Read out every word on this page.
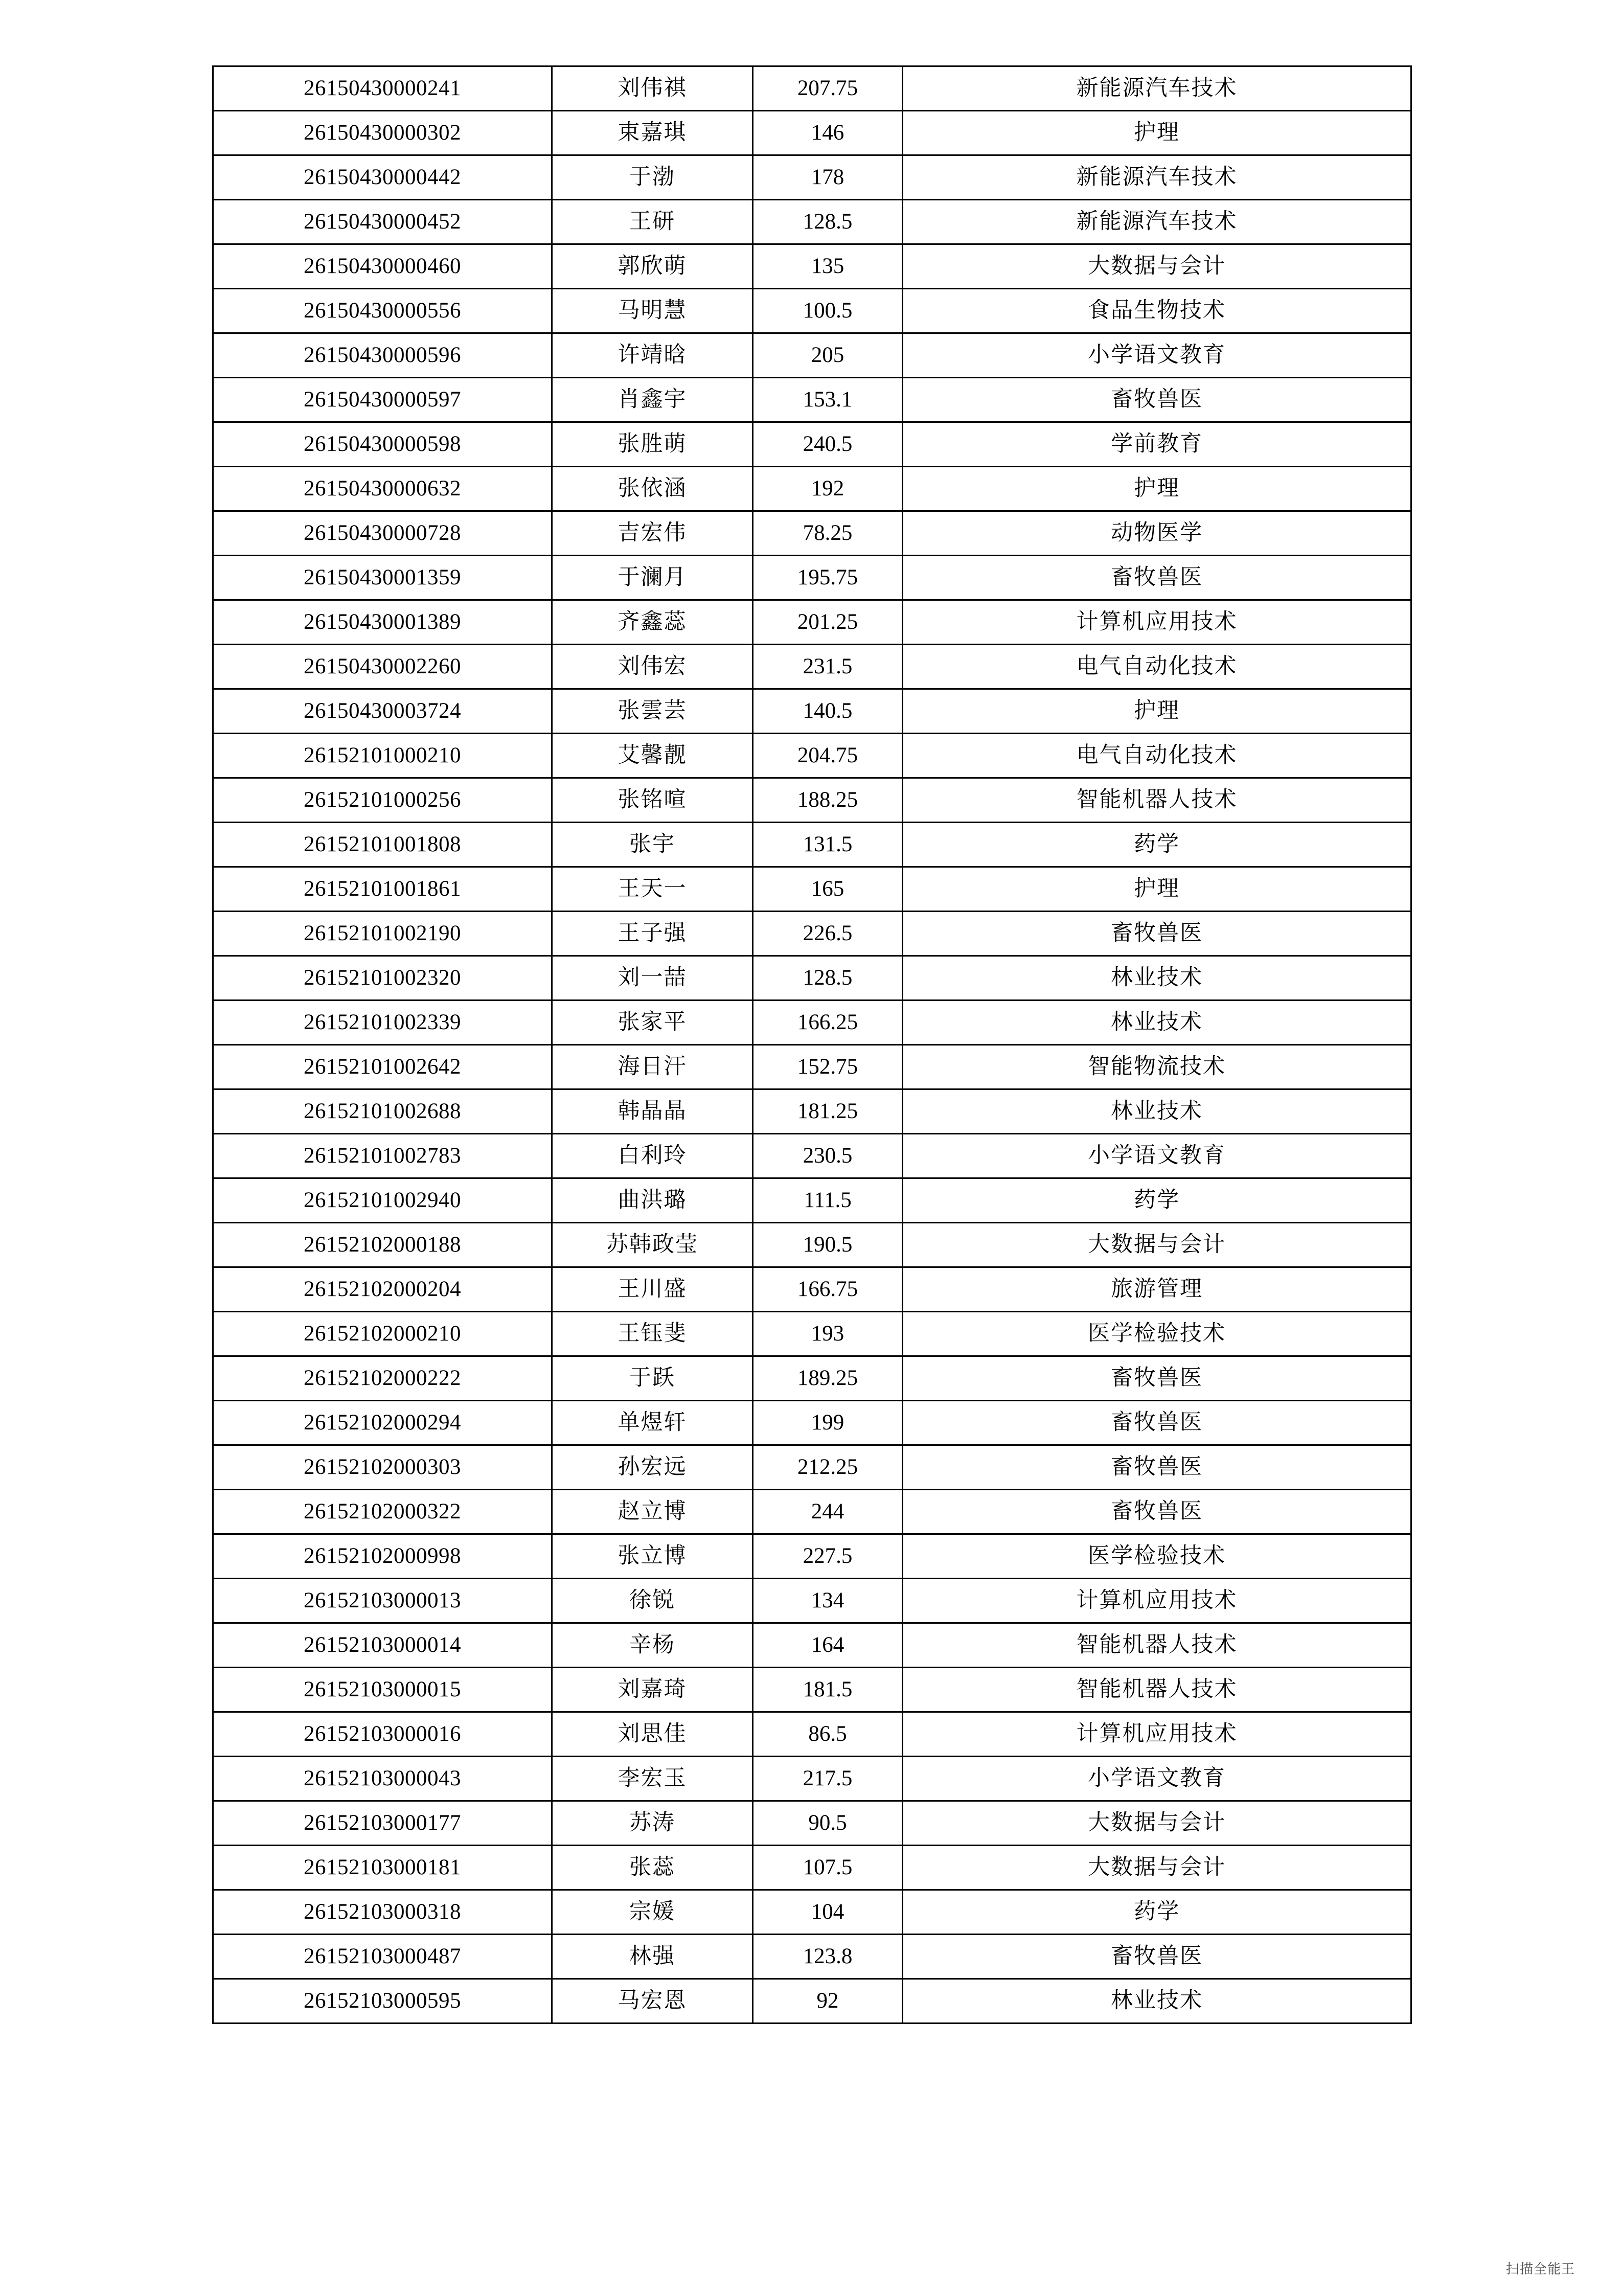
26150430000241	刘伟祺	207.75	新能源汽车技术
26150430000302	束嘉琪	146	护理
26150430000442	于渤	178	新能源汽车技术
26150430000452	王研	128.5	新能源汽车技术
26150430000460	郭欣萌	135	大数据与会计
26150430000556	马明慧	100.5	食品生物技术
26150430000596	许靖晗	205	小学语文教育
26150430000597	肖鑫宇	153.1	畜牧兽医
26150430000598	张胜萌	240.5	学前教育
26150430000632	张依涵	192	护理
26150430000728	吉宏伟	78.25	动物医学
26150430001359	于澜月	195.75	畜牧兽医
26150430001389	齐鑫蕊	201.25	计算机应用技术
26150430002260	刘伟宏	231.5	电气自动化技术
26150430003724	张雲芸	140.5	护理
26152101000210	艾馨靓	204.75	电气自动化技术
26152101000256	张铭喧	188.25	智能机器人技术
26152101001808	张宇	131.5	药学
26152101001861	王天一	165	护理
26152101002190	王子强	226.5	畜牧兽医
26152101002320	刘一喆	128.5	林业技术
26152101002339	张家平	166.25	林业技术
26152101002642	海日汗	152.75	智能物流技术
26152101002688	韩晶晶	181.25	林业技术
26152101002783	白利玲	230.5	小学语文教育
26152101002940	曲洪璐	111.5	药学
26152102000188	苏韩政莹	190.5	大数据与会计
26152102000204	王川盛	166.75	旅游管理
26152102000210	王钰斐	193	医学检验技术
26152102000222	于跃	189.25	畜牧兽医
26152102000294	单煜轩	199	畜牧兽医
26152102000303	孙宏远	212.25	畜牧兽医
26152102000322	赵立博	244	畜牧兽医
26152102000998	张立博	227.5	医学检验技术
26152103000013	徐锐	134	计算机应用技术
26152103000014	辛杨	164	智能机器人技术
26152103000015	刘嘉琦	181.5	智能机器人技术
26152103000016	刘思佳	86.5	计算机应用技术
26152103000043	李宏玉	217.5	小学语文教育
26152103000177	苏涛	90.5	大数据与会计
26152103000181	张蕊	107.5	大数据与会计
26152103000318	宗媛	104	药学
26152103000487	林强	123.8	畜牧兽医
26152103000595	马宏恩	92	林业技术
扫描全能王
